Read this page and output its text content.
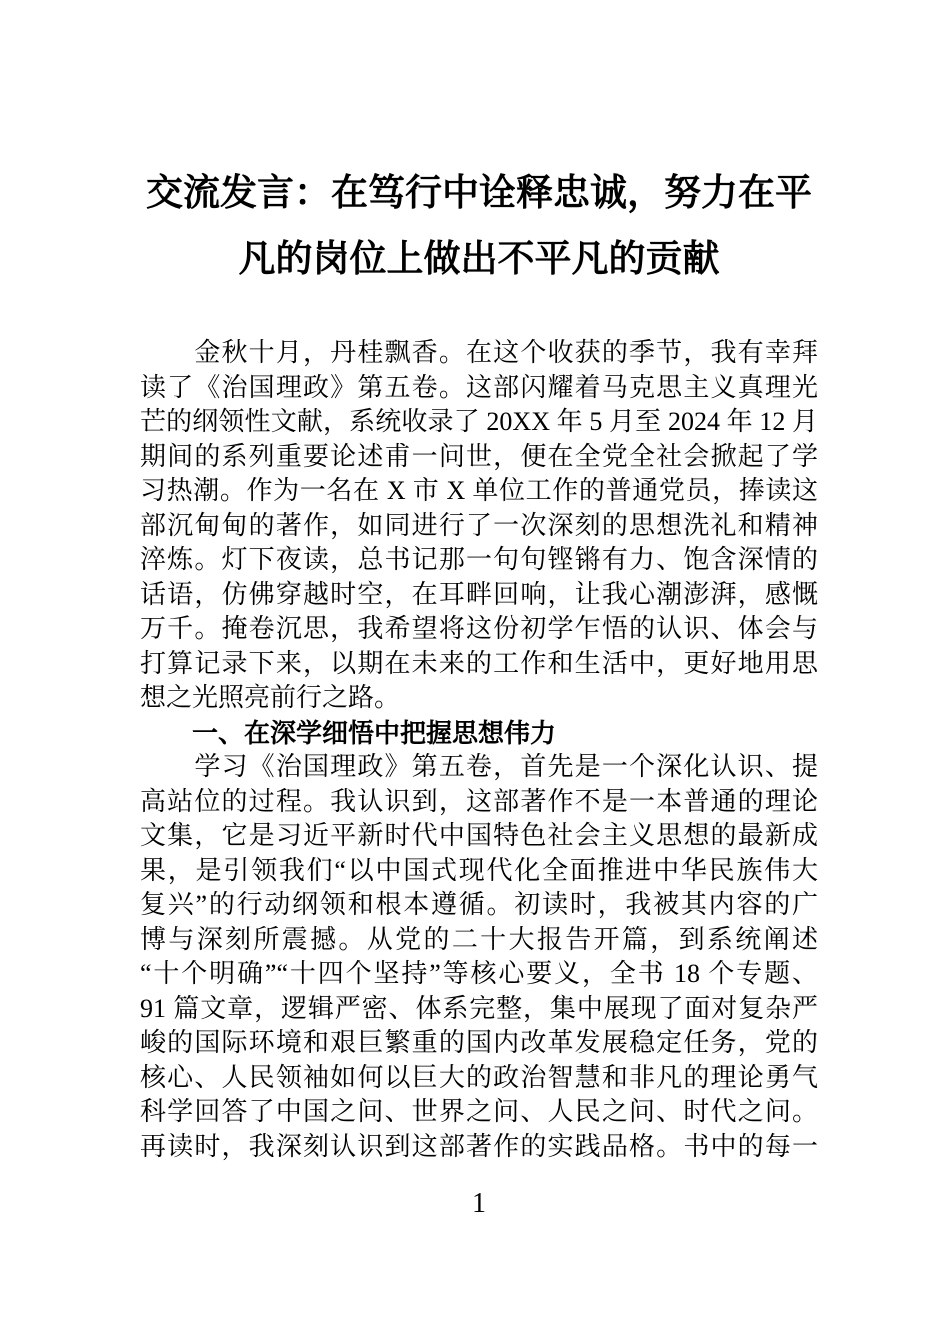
交流发言：在笃行中诠释忠诚，努力在平
凡的岗位上做出不平凡的贡献
　　金秋十月，丹桂飘香。在这个收获的季节，我有幸拜
读了《治国理政》第五卷。这部闪耀着马克思主义真理光
芒的纲领性文献，系统收录了 20XX 年 5 月至 2024 年 12 月
期间的系列重要论述甫一问世，便在全党全社会掀起了学
习热潮。作为一名在 X 市 X 单位工作的普通党员，捧读这
部沉甸甸的著作，如同进行了一次深刻的思想洗礼和精神
淬炼。灯下夜读，总书记那一句句铿锵有力、饱含深情的
话语，仿佛穿越时空，在耳畔回响，让我心潮澎湃，感慨
万千。掩卷沉思，我希望将这份初学乍悟的认识、体会与
打算记录下来，以期在未来的工作和生活中，更好地用思
想之光照亮前行之路。
　　一、在深学细悟中把握思想伟力
　　学习《治国理政》第五卷，首先是一个深化认识、提
高站位的过程。我认识到，这部著作不是一本普通的理论
文集，它是习近平新时代中国特色社会主义思想的最新成
果，是引领我们“以中国式现代化全面推进中华民族伟大
复兴”的行动纲领和根本遵循。初读时，我被其内容的广
博与深刻所震撼。从党的二十大报告开篇，到系统阐述
“十个明确”“十四个坚持”等核心要义，全书 18 个专题、
91 篇文章，逻辑严密、体系完整，集中展现了面对复杂严
峻的国际环境和艰巨繁重的国内改革发展稳定任务，党的
核心、人民领袖如何以巨大的政治智慧和非凡的理论勇气
科学回答了中国之问、世界之问、人民之问、时代之问。
再读时，我深刻认识到这部著作的实践品格。书中的每一
1
